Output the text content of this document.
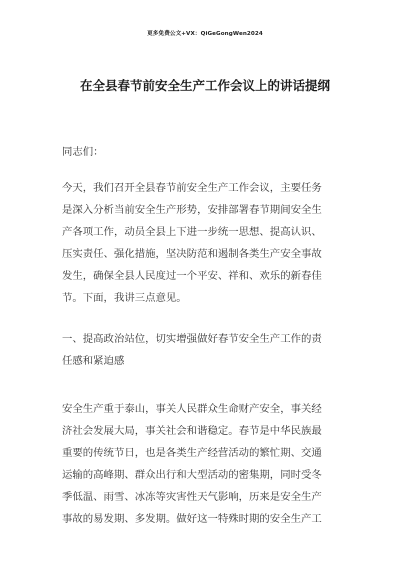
更多免费公文+VX：QiGeGongWen2024
在全县春节前安全生产工作会议上的讲话提纲
同志们：
今天，我们召开全县春节前安全生产工作会议，主要任务
是深入分析当前安全生产形势，安排部署春节期间安全生
产各项工作，动员全县上下进一步统一思想、提高认识、
压实责任、强化措施，坚决防范和遏制各类生产安全事故
发生，确保全县人民度过一个平安、祥和、欢乐的新春佳
节。下面，我讲三点意见。
一、提高政治站位，切实增强做好春节安全生产工作的责
任感和紧迫感
安全生产重于泰山，事关人民群众生命财产安全，事关经
济社会发展大局，事关社会和谐稳定。春节是中华民族最
重要的传统节日，也是各类生产经营活动的繁忙期、交通
运输的高峰期、群众出行和大型活动的密集期，同时受冬
季低温、雨雪、冰冻等灾害性天气影响，历来是安全生产
事故的易发期、多发期。做好这一特殊时期的安全生产工
